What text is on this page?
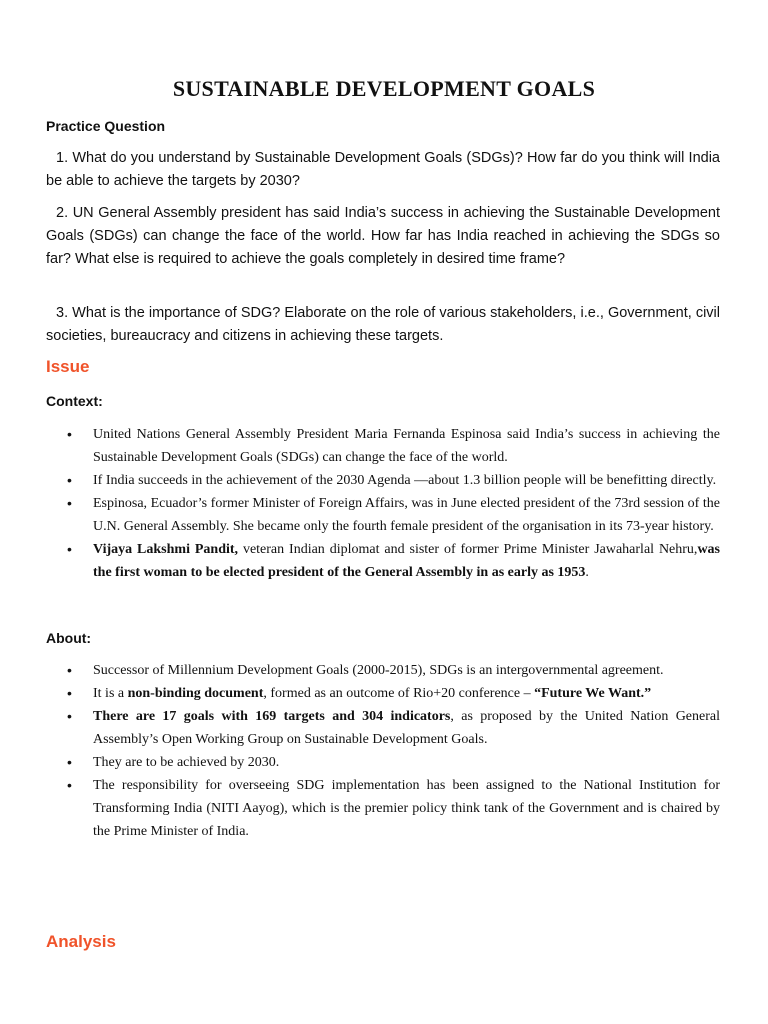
SUSTAINABLE DEVELOPMENT GOALS
Practice Question
1. What do you understand by Sustainable Development Goals (SDGs)? How far do you think will India be able to achieve the targets by 2030?
2. UN General Assembly president has said India’s success in achieving the Sustainable Development Goals (SDGs) can change the face of the world. How far has India reached in achieving the SDGs so far? What else is required to achieve the goals completely in desired time frame?
3. What is the importance of SDG? Elaborate on the role of various stakeholders, i.e., Government, civil societies, bureaucracy and citizens in achieving these targets.
Issue
Context:
• United Nations General Assembly President Maria Fernanda Espinosa said India’s success in achieving the Sustainable Development Goals (SDGs) can change the face of the world.
• If India succeeds in the achievement of the 2030 Agenda —about 1.3 billion people will be benefitting directly.
• Espinosa, Ecuador’s former Minister of Foreign Affairs, was in June elected president of the 73rd session of the U.N. General Assembly. She became only the fourth female president of the organisation in its 73-year history.
• Vijaya Lakshmi Pandit, veteran Indian diplomat and sister of former Prime Minister Jawaharlal Nehru,was the first woman to be elected president of the General Assembly in as early as 1953.
About:
• Successor of Millennium Development Goals (2000-2015), SDGs is an intergovernmental agreement.
• It is a non-binding document, formed as an outcome of Rio+20 conference – “Future We Want.”
• There are 17 goals with 169 targets and 304 indicators, as proposed by the United Nation General Assembly’s Open Working Group on Sustainable Development Goals.
• They are to be achieved by 2030.
• The responsibility for overseeing SDG implementation has been assigned to the National Institution for Transforming India (NITI Aayog), which is the premier policy think tank of the Government and is chaired by the Prime Minister of India.
Analysis
